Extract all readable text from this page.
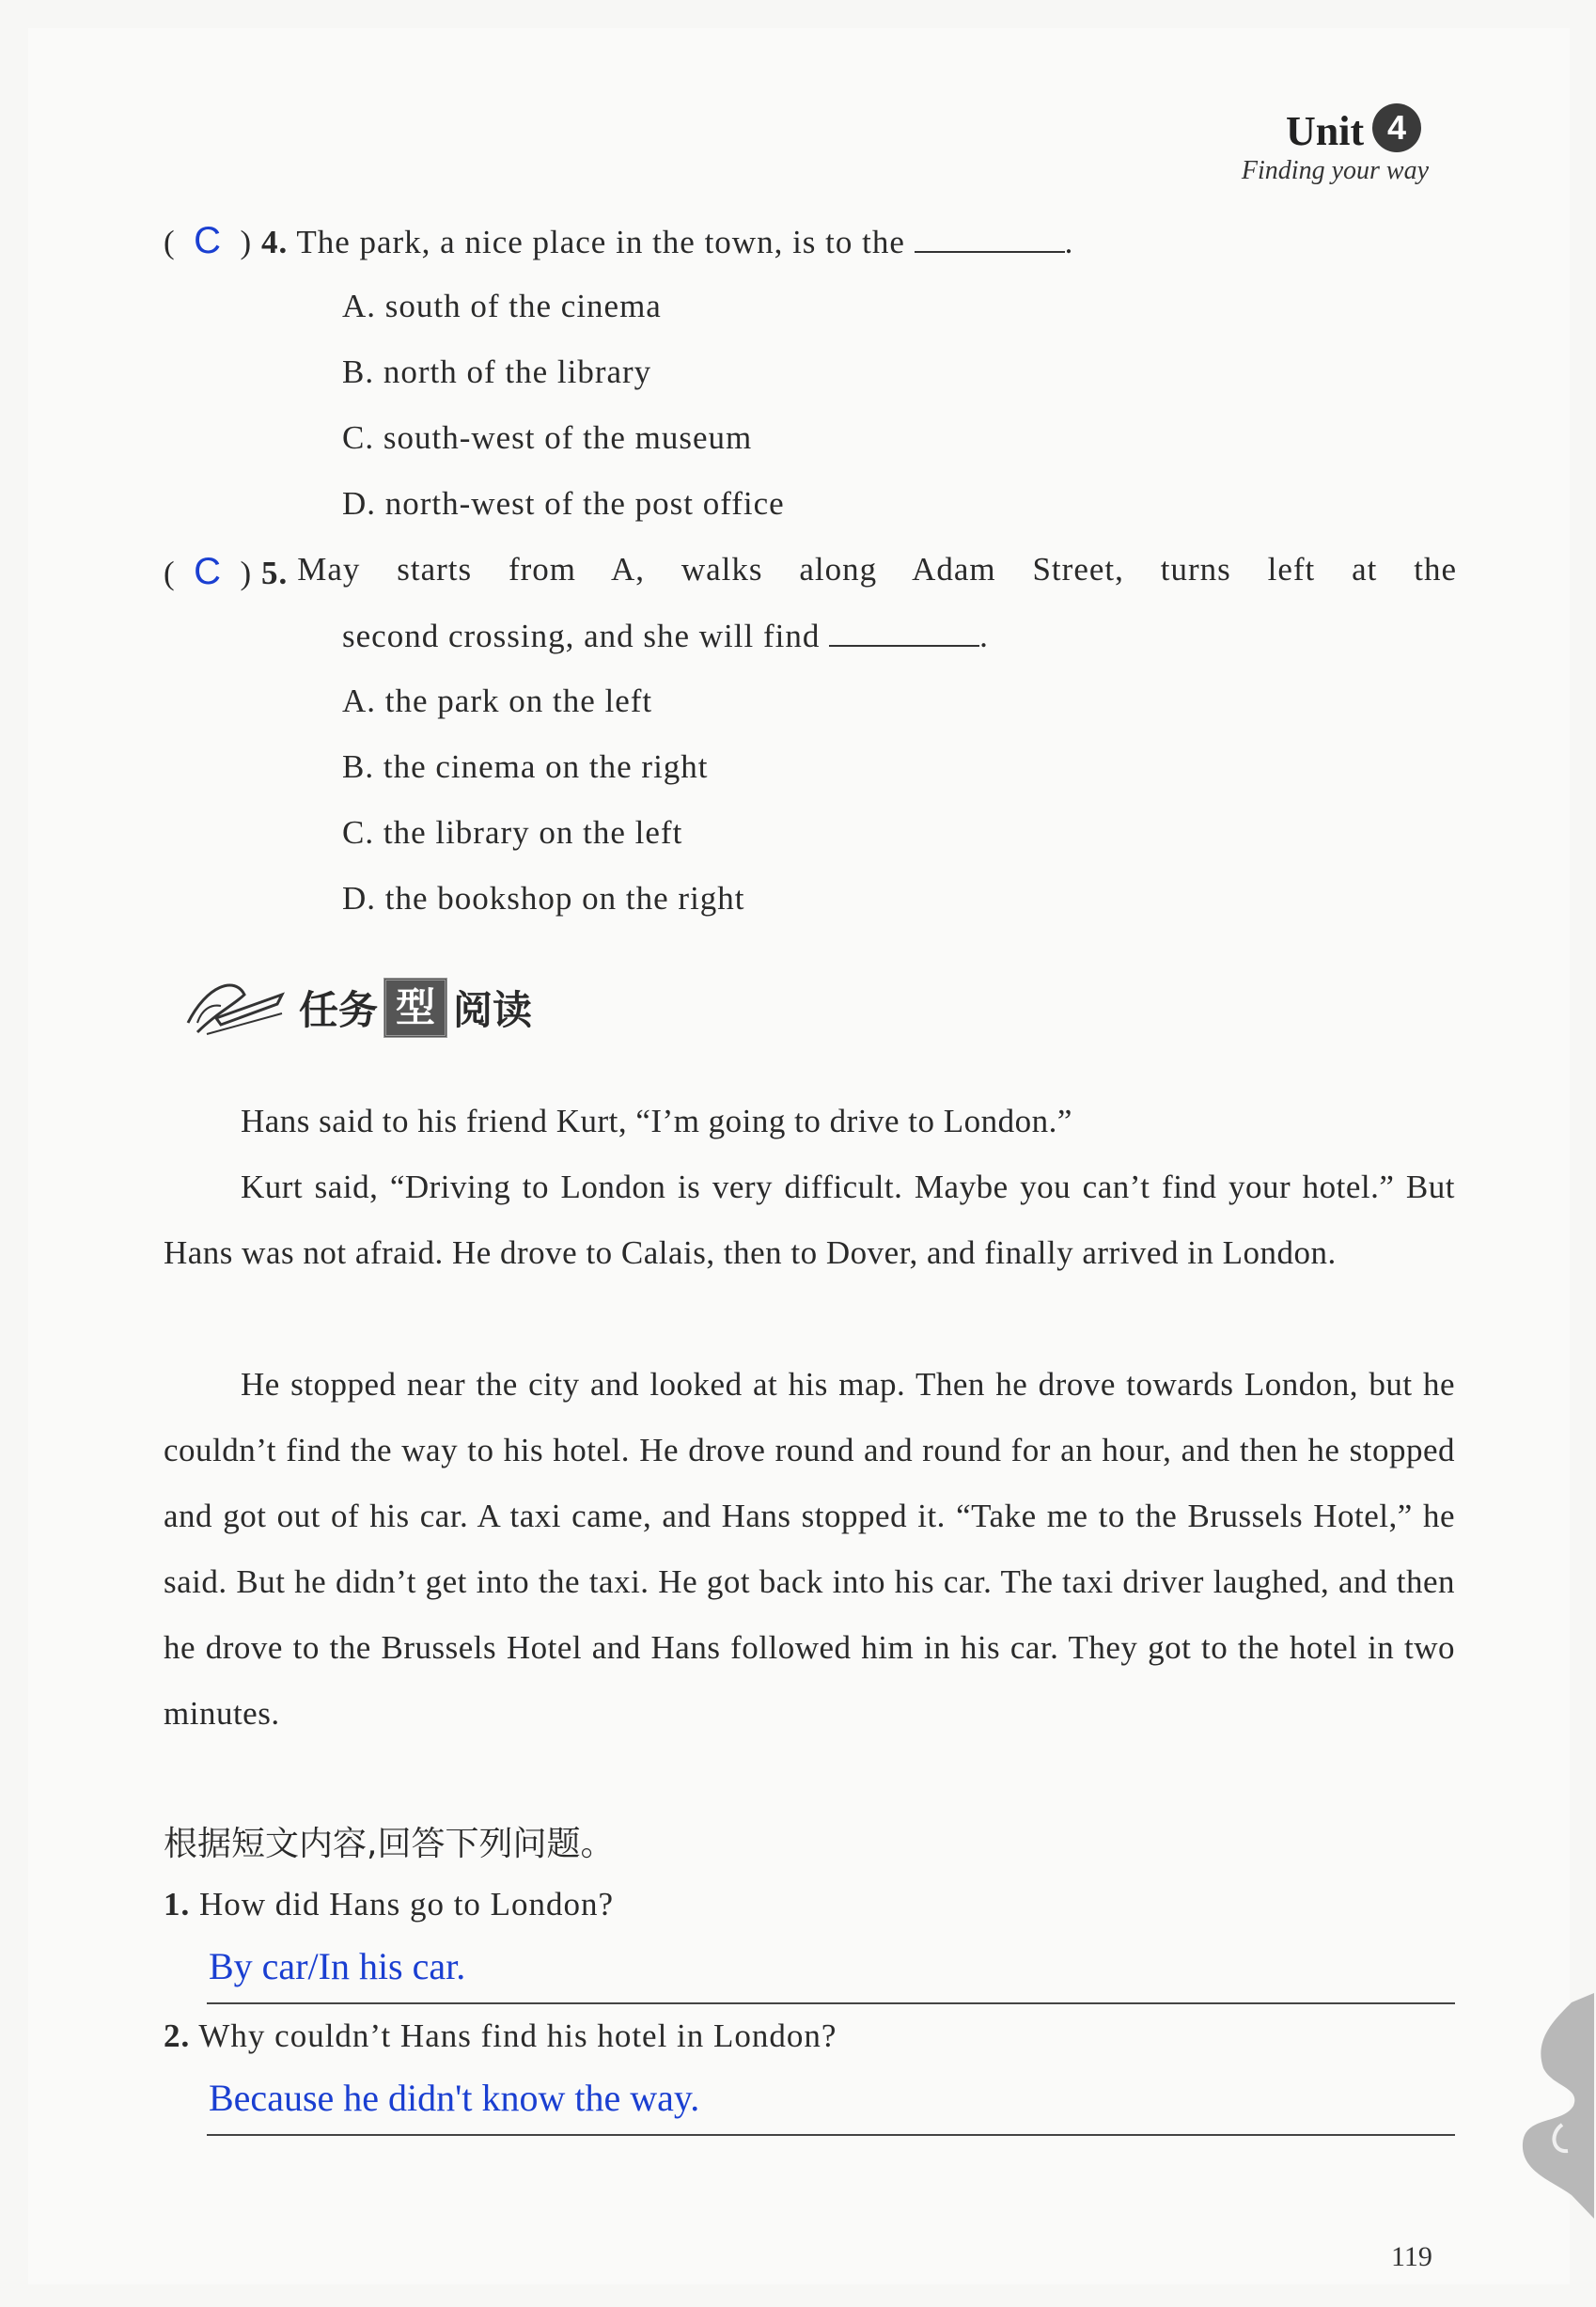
Unit 4
Finding your way
(  C  ) 4. The park, a nice place in the town, is to the	.
A. south of the cinema
B. north of the library
C. south-west of the museum
D. north-west of the post office
(  C  ) 5. May starts from A, walks along Adam Street, turns left at the
second crossing, and she will find	.
A. the park on the left
B. the cinema on the right
C. the library on the left
D. the bookshop on the right
任务 型 阅读
Hans said to his friend Kurt, “I’m going to drive to London.”
Kurt said, “Driving to London is very difficult. Maybe you can’t find your hotel.” But Hans was not afraid. He drove to Calais, then to Dover, and finally arrived in London.
He stopped near the city and looked at his map. Then he drove towards London, but he couldn’t find the way to his hotel. He drove round and round for an hour, and then he stopped and got out of his car. A taxi came, and Hans stopped it. “Take me to the Brussels Hotel,” he said. But he didn’t get into the taxi. He got back into his car. The taxi driver laughed, and then he drove to the Brussels Hotel and Hans followed him in his car. They got to the hotel in two minutes.
根据短文内容,回答下列问题。
1. How did Hans go to London?
By car/In his car.
2. Why couldn’t Hans find his hotel in London?
Because he didn't know the way.
119
